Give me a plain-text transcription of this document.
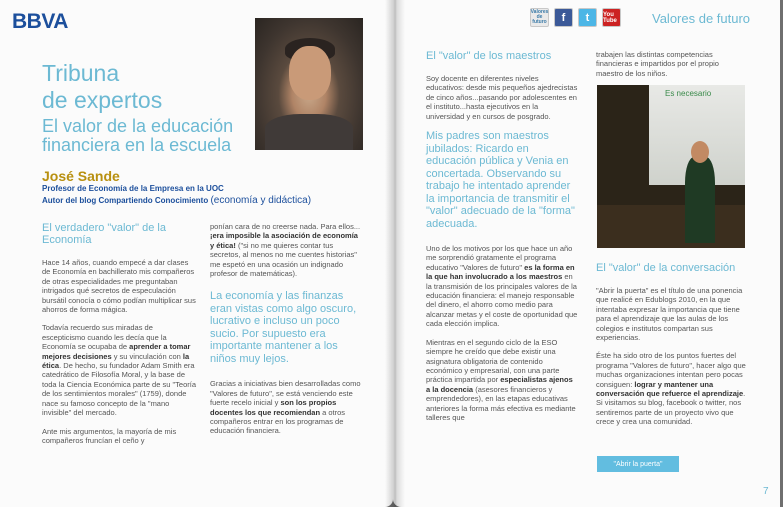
BBVA
Tribuna
de expertos
El valor de la educación
financiera en la escuela
José Sande
Profesor de Economía de la Empresa en la UOC
Autor del blog Compartiendo Conocimiento (economía y didáctica)
El verdadero "valor" de la Economía

Hace 14 años, cuando empecé a dar clases de Economía en bachillerato mis compañeros de otras especialidades me preguntaban intrigados qué secretos de especulación bursátil conocía o cómo podían multiplicar sus ahorros de forma mágica.

Todavía recuerdo sus miradas de escepticismo cuando les decía que la Economía se ocupaba de aprender a tomar mejores decisiones y su vinculación con la ética. De hecho, su fundador Adam Smith era catedrático de Filosofía Moral, y la base de toda la Ciencia Económica parte de su "Teoría de los sentimientos morales" (1759), donde nace su famoso concepto de la "mano invisible" del mercado.

Ante mis argumentos, la mayoría de mis compañeros fruncían el ceño y

ponían cara de no creerse nada. Para ellos... ¡era imposible la asociación de economía y ética! ("si no me quieres contar tus secretos, al menos no me cuentes historias" me espetó en una ocasión un indignado profesor de matemáticas).

La economía y las finanzas eran vistas como algo oscuro, lucrativo e incluso un poco sucio. Por supuesto era importante mantener a los niños muy lejos.

Gracias a iniciativas bien desarrolladas como "Valores de futuro", se está venciendo este fuerte recelo inicial y son los propios docentes los que recomiendan a otros compañeros entrar en los programas de educación financiera.

Valores de futuro	f	t	You Tube	Valores de futuro
El "valor" de los maestros

Soy docente en diferentes niveles educativos: desde mis pequeños ajedrecistas de cinco años...pasando por adolescentes en el instituto...hasta ejecutivos en la universidad y en cursos de posgrado.

Mis padres son maestros jubilados: Ricardo en educación pública y Venia en concertada. Observando su trabajo he intentado aprender la importancia de transmitir el "valor" adecuado de la "forma" adecuada.

Uno de los motivos por los que hace un año me sorprendió gratamente el programa educativo "Valores de futuro" es la forma en la que han involucrado a los maestros en la transmisión de los principales valores de la educación financiera: el manejo responsable del dinero, el ahorro como medio para alcanzar metas y el coste de oportunidad que cada elección implica.

Mientras en el segundo ciclo de la ESO siempre he creído que debe existir una asignatura obligatoria de contenido económico y empresarial, con una parte práctica impartida por especialistas ajenos a la docencia (asesores financieros y emprendedores), en las etapas educativas anteriores la forma más efectiva es mediante talleres que

trabajen las distintas competencias financieras e impartidos por el propio maestro de los niños.

Es necesario
El "valor" de la conversación

"Abrir la puerta" es el título de una ponencia que realicé en Edublogs 2010, en la que intentaba expresar la importancia que tiene para el aprendizaje que las aulas de los colegios e institutos compartan sus experiencias.

Éste ha sido otro de los puntos fuertes del programa "Valores de futuro", hacer algo que muchas organizaciones intentan pero pocas consiguen: lograr y mantener una conversación que refuerce el aprendizaje. Si visitamos su blog, facebook o twitter, nos sentiremos parte de un proyecto vivo que crece y crea una comunidad.

"Abrir la puerta"
7
